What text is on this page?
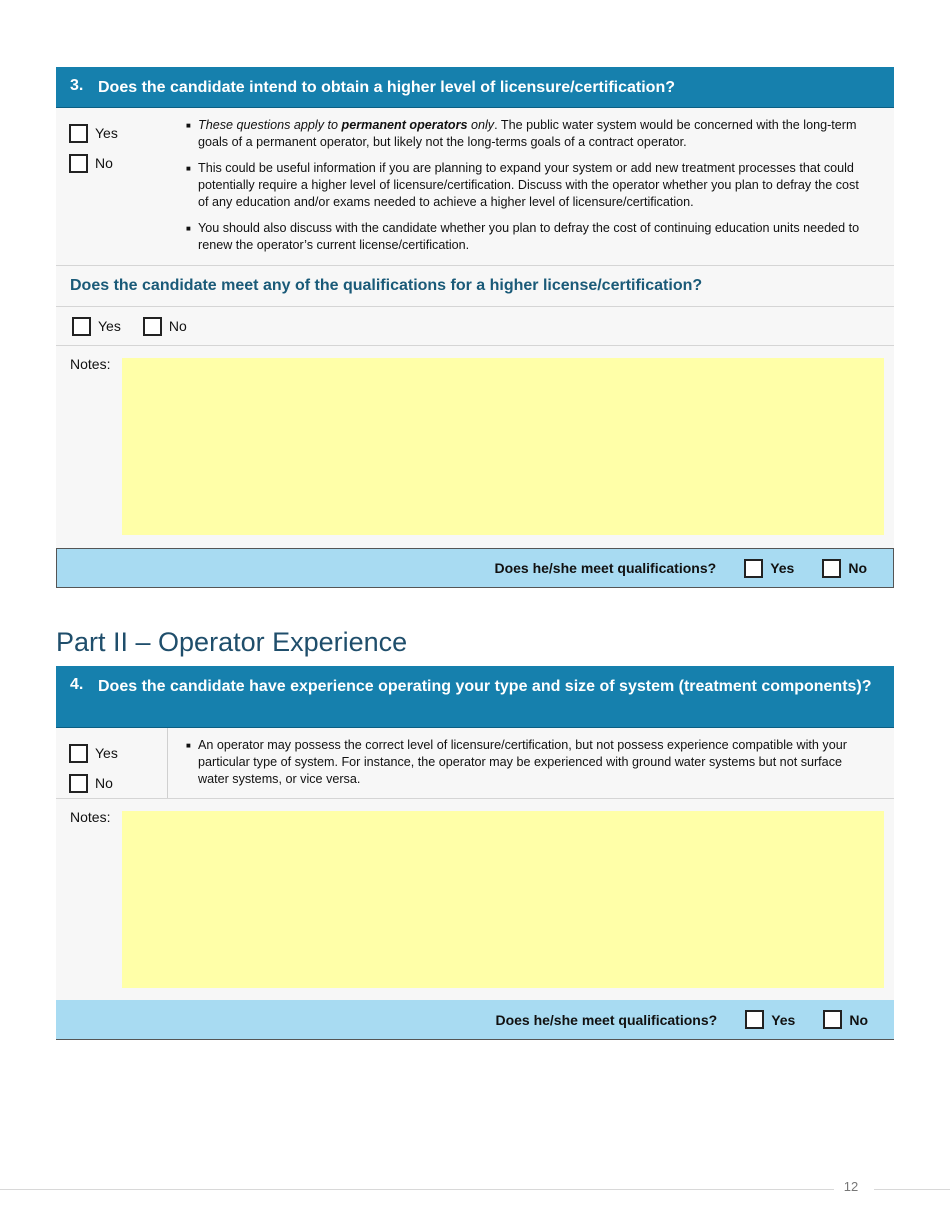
3. Does the candidate intend to obtain a higher level of licensure/certification?
Yes
No
■ These questions apply to permanent operators only. The public water system would be concerned with the long-term goals of a permanent operator, but likely not the long-terms goals of a contract operator.
■ This could be useful information if you are planning to expand your system or add new treatment processes that could potentially require a higher level of licensure/certification. Discuss with the operator whether you plan to defray the cost of any education and/or exams needed to achieve a higher level of licensure/certification.
■ You should also discuss with the candidate whether you plan to defray the cost of continuing education units needed to renew the operator’s current license/certification.
Does the candidate meet any of the qualifications for a higher license/certification?
Yes	No
Notes:
Does he/she meet qualifications?	Yes	No
Part II – Operator Experience
4. Does the candidate have experience operating your type and size of system (treatment components)?
Yes
No
■ An operator may possess the correct level of licensure/certification, but not possess experience compatible with your particular type of system. For instance, the operator may be experienced with ground water systems but not surface water systems, or vice versa.
Notes:
Does he/she meet qualifications?	Yes	No
12
